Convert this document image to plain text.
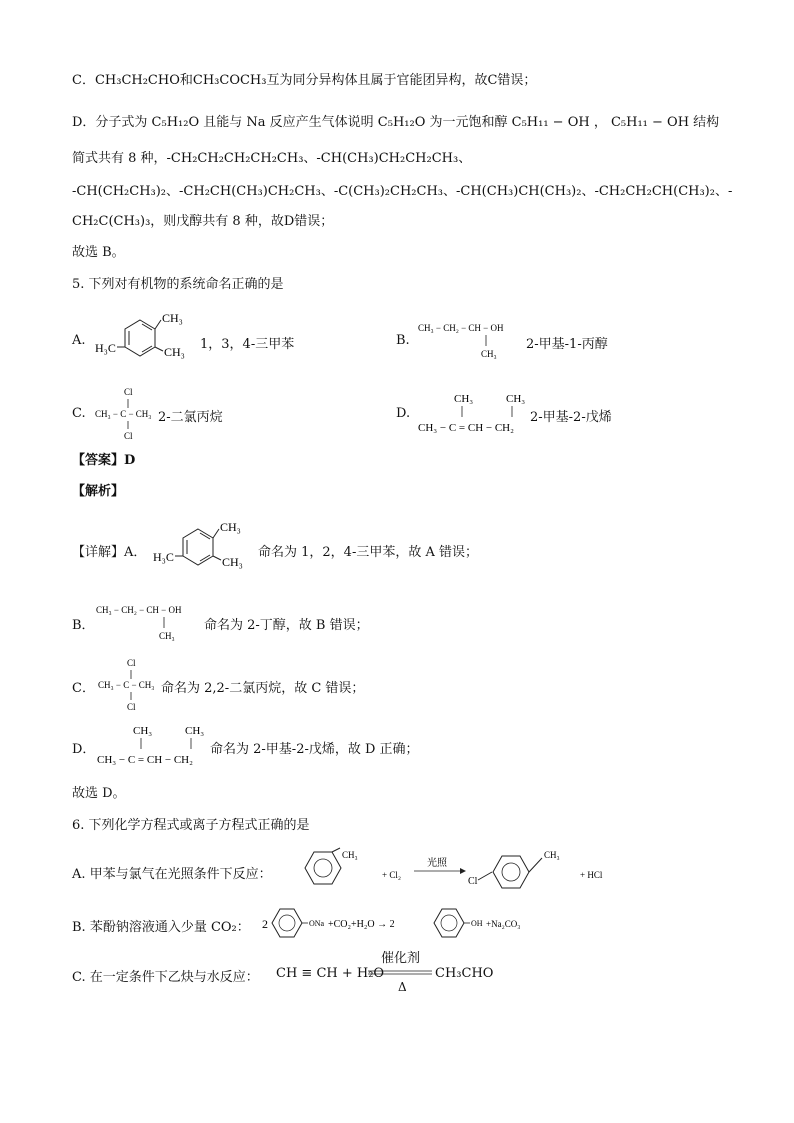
C．CH₃CH₂CHO和CH₃COCH₃互为同分异构体且属于官能团异构，故C错误；
D．分子式为 C₅H₁₂O 且能与 Na 反应产生气体说明 C₅H₁₂O 为一元饱和醇 C₅H₁₁ − OH ， C₅H₁₁ − OH 结构
简式共有 8 种，-CH₂CH₂CH₂CH₂CH₃、-CH(CH₃)CH₂CH₂CH₃、
-CH(CH₂CH₃)₂、-CH₂CH(CH₃)CH₂CH₃、-C(CH₃)₂CH₂CH₃、-CH(CH₃)CH(CH₃)₂、-CH₂CH₂CH(CH₃)₂、-
CH₂C(CH₃)₃，则戊醇共有 8 种，故D错误；
故选 B。
5. 下列对有机物的系统命名正确的是
A.
CH₃
H₃C	CH₃ 1，3，4-三甲苯	B.
CH₃ − CH₂ − CH − OH
CH₃
2-甲基-1-丙醇
C.
Cl
CH₃ − C − CH₃
Cl
2-二氯丙烷	D.
CH₃	CH₃
CH₃ − C = CH − CH₂
2-甲基-2-戊烯
【答案】D
【解析】
【详解】A．
CH₃
H₃C	CH₃
命名为 1，2，4-三甲苯，故 A 错误；
B．
CH₃ − CH₂ − CH − OH
CH₃
命名为 2-丁醇，故 B 错误；
C．
Cl
CH₃ − C − CH₃
Cl
命名为 2,2-二氯丙烷，故 C 错误；
D．
CH₃	CH₃
CH₃ − C = CH − CH₂
命名为 2-甲基-2-戊烯，故 D 正确；
故选 D。
6. 下列化学方程式或离子方程式正确的是
A. 甲苯与氯气在光照条件下反应：
CH₃
+ Cl₂
光照
Cl
CH₃
+ HCl
B. 苯酚钠溶液通入少量 CO₂： 2	ONa +CO₂+H₂O → 2	OH +Na₂CO₃
C. 在一定条件下乙炔与水反应： CH ≡ CH + H₂O
催化剂
Δ
CH₃CHO
